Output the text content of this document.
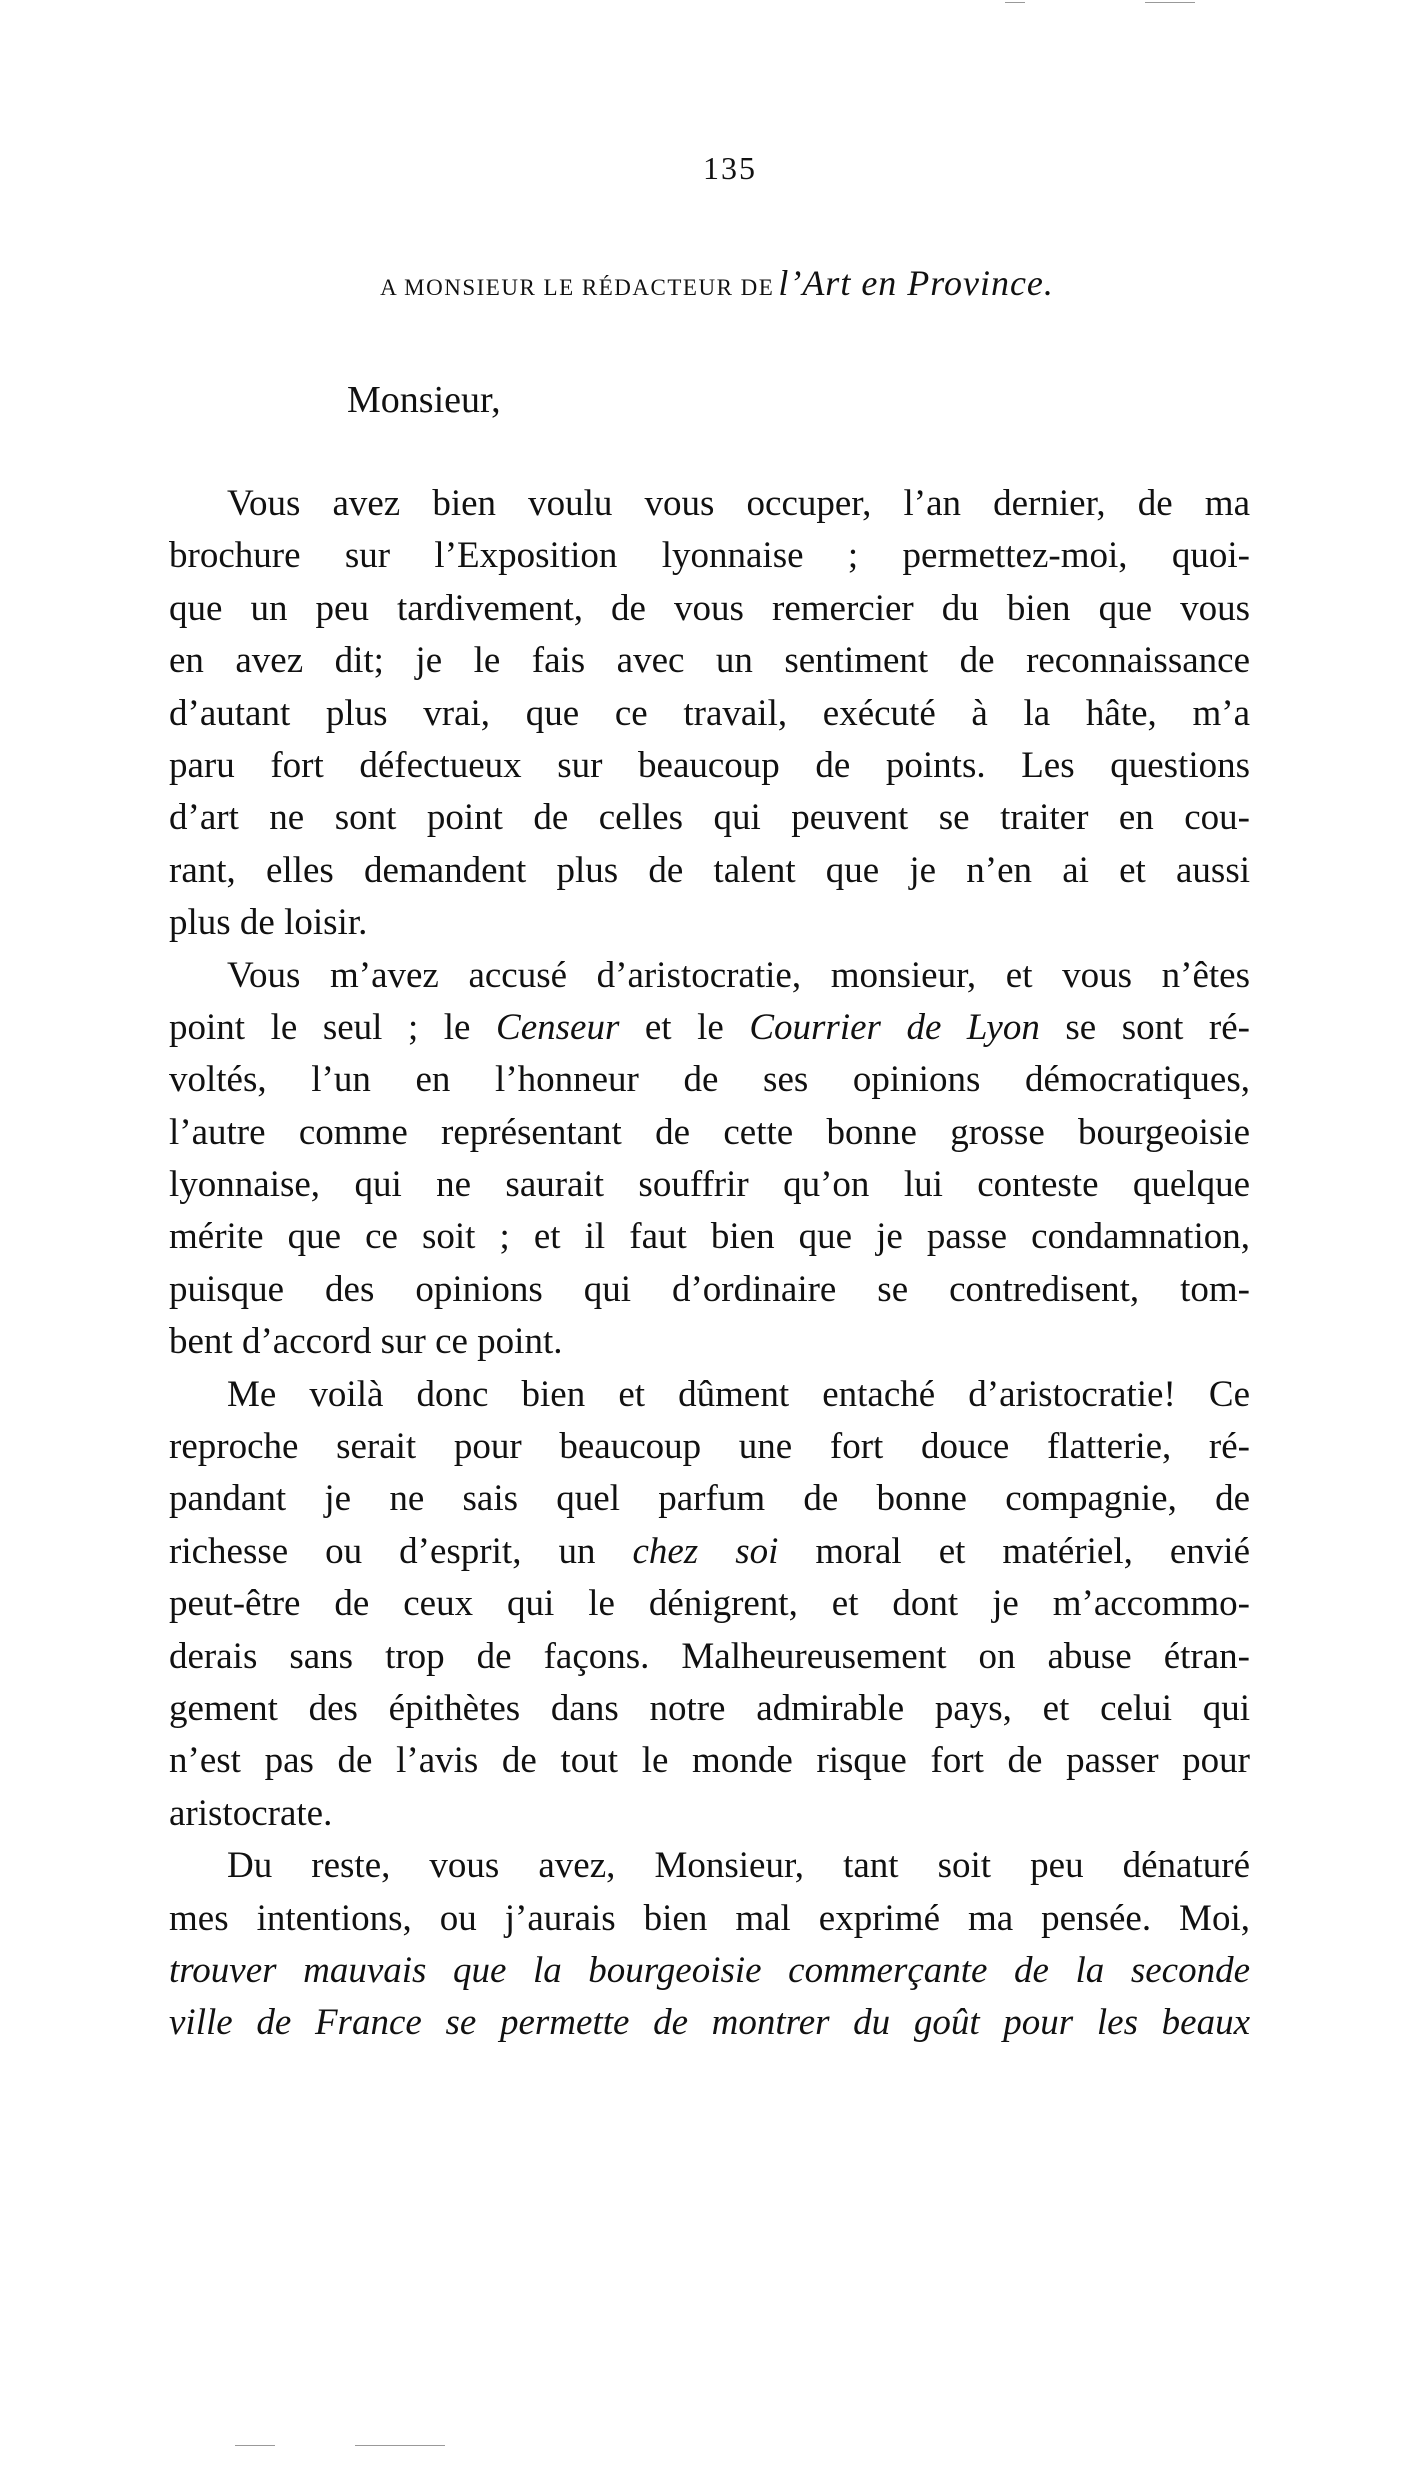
135
A MONSIEUR LE RÉDACTEUR DE l’Art en Province.
Monsieur,
Vous avez bien voulu vous occuper, l’an dernier, de ma
brochure sur l’Exposition lyonnaise ; permettez-moi, quoi-
que un peu tardivement, de vous remercier du bien que vous
en avez dit; je le fais avec un sentiment de reconnaissance
d’autant plus vrai, que ce travail, exécuté à la hâte, m’a
paru fort défectueux sur beaucoup de points. Les questions
d’art ne sont point de celles qui peuvent se traiter en cou-
rant, elles demandent plus de talent que je n’en ai et aussi
plus de loisir.
Vous m’avez accusé d’aristocratie, monsieur, et vous n’êtes
point le seul ; le Censeur et le Courrier de Lyon se sont ré-
voltés, l’un en l’honneur de ses opinions démocratiques,
l’autre comme représentant de cette bonne grosse bourgeoisie
lyonnaise, qui ne saurait souffrir qu’on lui conteste quelque
mérite que ce soit ; et il faut bien que je passe condamnation,
puisque des opinions qui d’ordinaire se contredisent, tom-
bent d’accord sur ce point.
Me voilà donc bien et dûment entaché d’aristocratie! Ce
reproche serait pour beaucoup une fort douce flatterie, ré-
pandant je ne sais quel parfum de bonne compagnie, de
richesse ou d’esprit, un chez soi moral et matériel, envié
peut-être de ceux qui le dénigrent, et dont je m’accommo-
derais sans trop de façons. Malheureusement on abuse étran-
gement des épithètes dans notre admirable pays, et celui qui
n’est pas de l’avis de tout le monde risque fort de passer pour
aristocrate.
Du reste, vous avez, Monsieur, tant soit peu dénaturé
mes intentions, ou j’aurais bien mal exprimé ma pensée. Moi,
trouver mauvais que la bourgeoisie commerçante de la seconde
ville de France se permette de montrer du goût pour les beaux
